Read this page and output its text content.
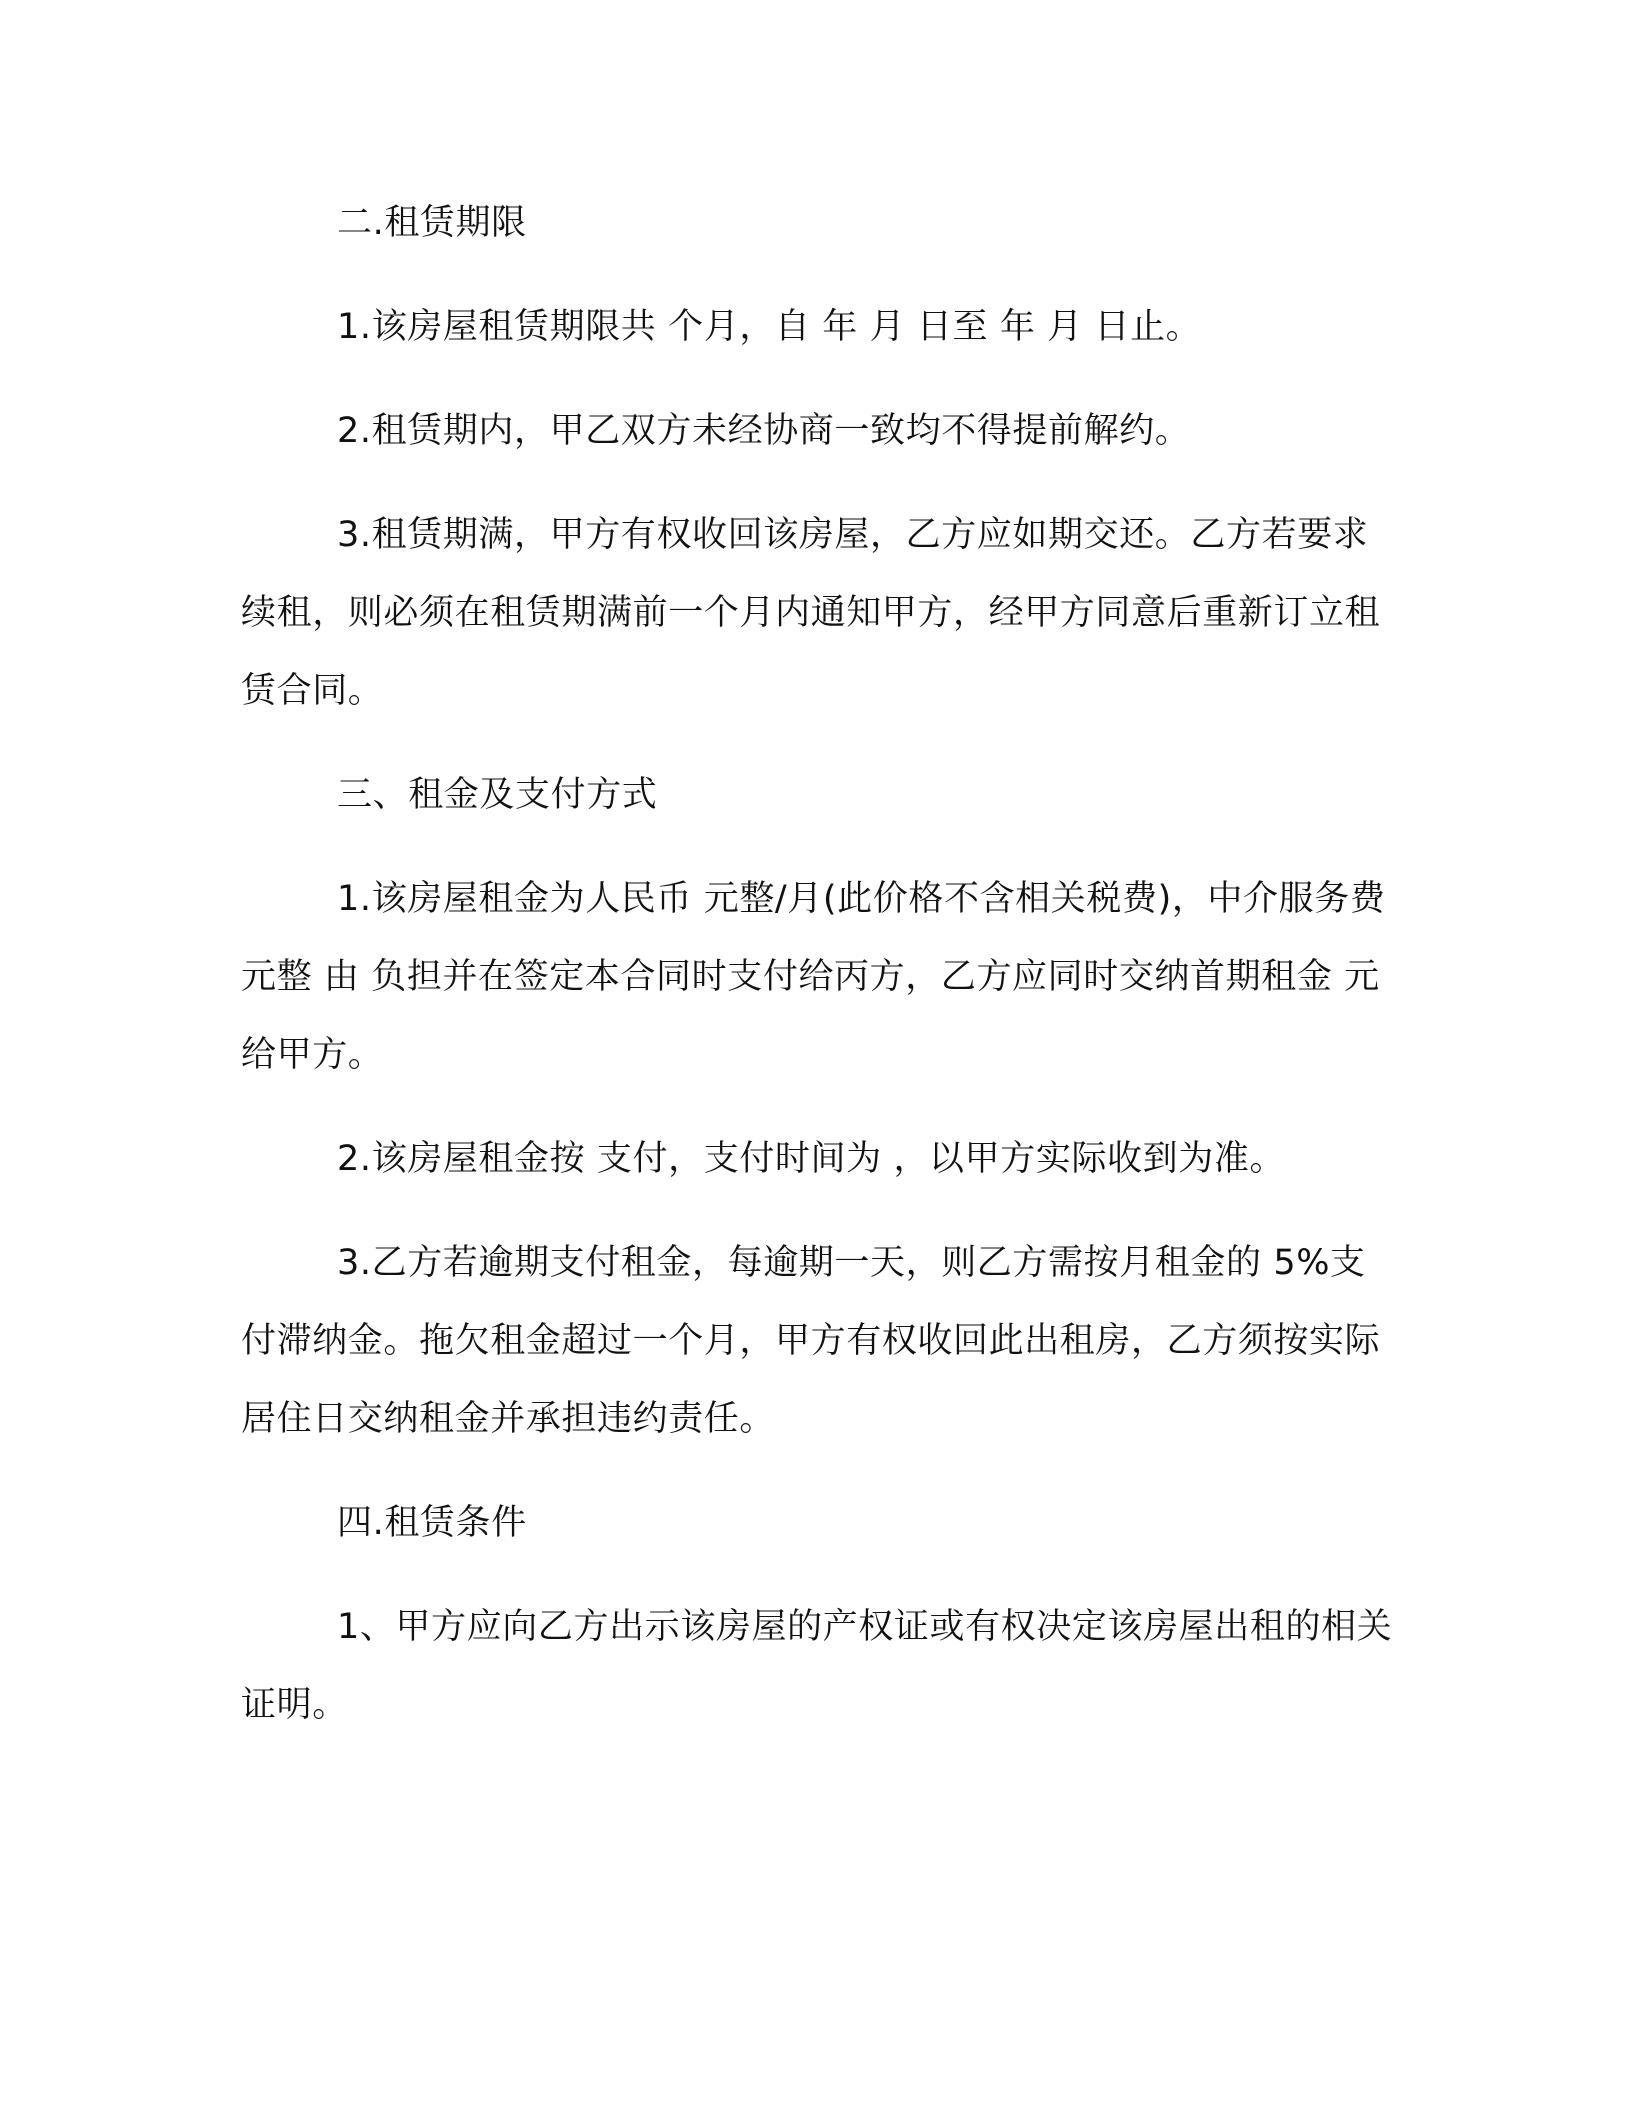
二.租赁期限

1.该房屋租赁期限共 个月，自 年 月 日至 年 月 日止。

2.租赁期内，甲乙双方未经协商一致均不得提前解约。

3.租赁期满，甲方有权收回该房屋，乙方应如期交还。乙方若要求续租，则必须在租赁期满前一个月内通知甲方，经甲方同意后重新订立租赁合同。

三、租金及支付方式

1.该房屋租金为人民币 元整/月(此价格不含相关税费)，中介服务费 元整 由 负担并在签定本合同时支付给丙方，乙方应同时交纳首期租金 元给甲方。

2.该房屋租金按 支付，支付时间为 ，以甲方实际收到为准。

3.乙方若逾期支付租金，每逾期一天，则乙方需按月租金的 5%支付滞纳金。拖欠租金超过一个月，甲方有权收回此出租房，乙方须按实际居住日交纳租金并承担违约责任。

四.租赁条件

1、甲方应向乙方出示该房屋的产权证或有权决定该房屋出租的相关证明。
